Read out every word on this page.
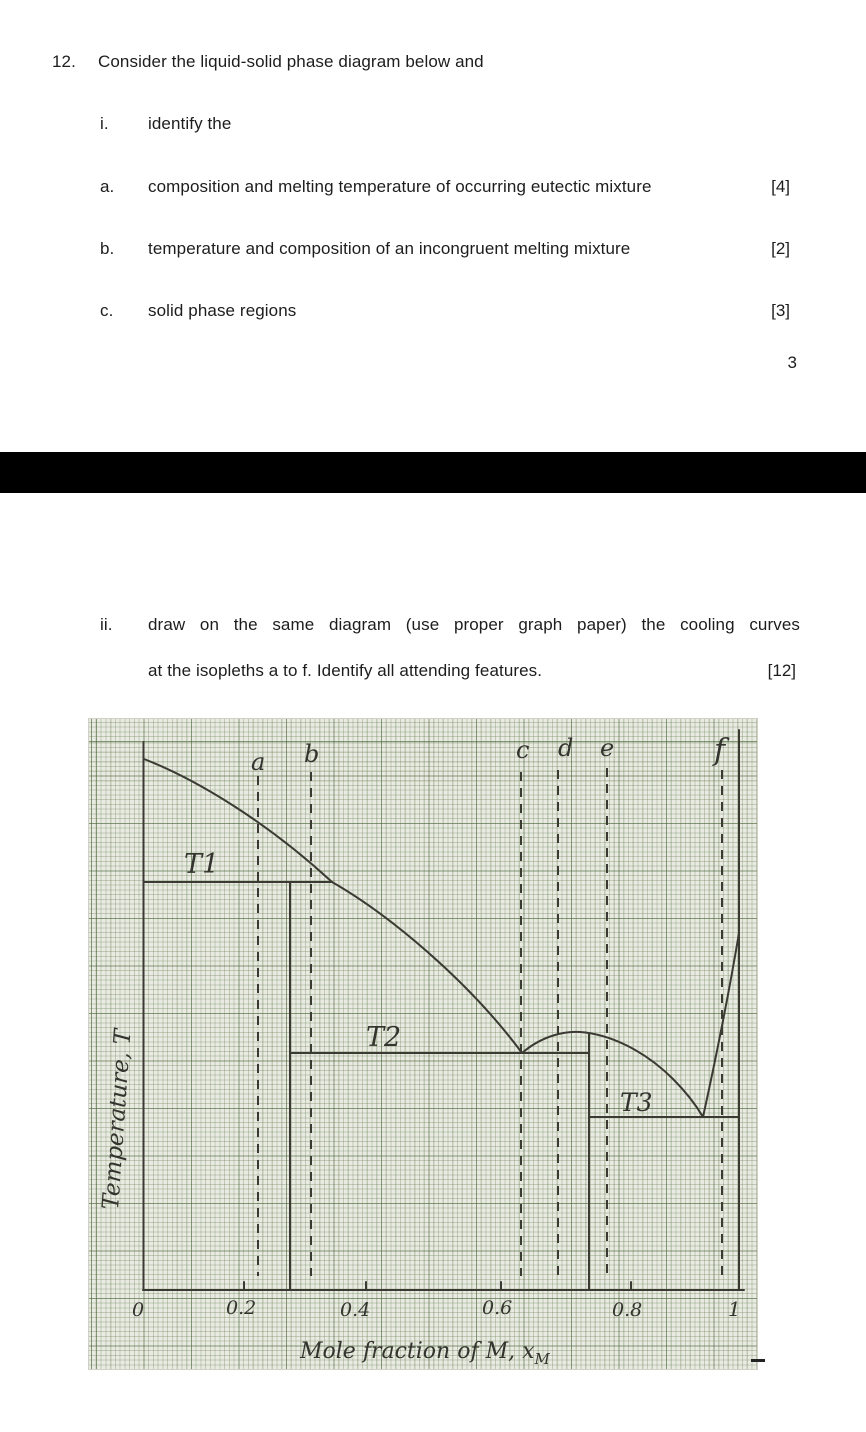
12. Consider the liquid-solid phase diagram below and
i. identify the
a. composition and melting temperature of occurring eutectic mixture	[4]
b. temperature and composition of an incongruent melting mixture	[2]
c. solid phase regions	[3]
3
ii. draw on the same diagram (use proper graph paper) the cooling curves
at the isopleths a to f. Identify all attending features.	[12]
a b	c d e	f
T1
T2
T3
0	0.2	0.4	0.6	0.8	1
Mole fraction of M, $x_M$
Temperature, T
